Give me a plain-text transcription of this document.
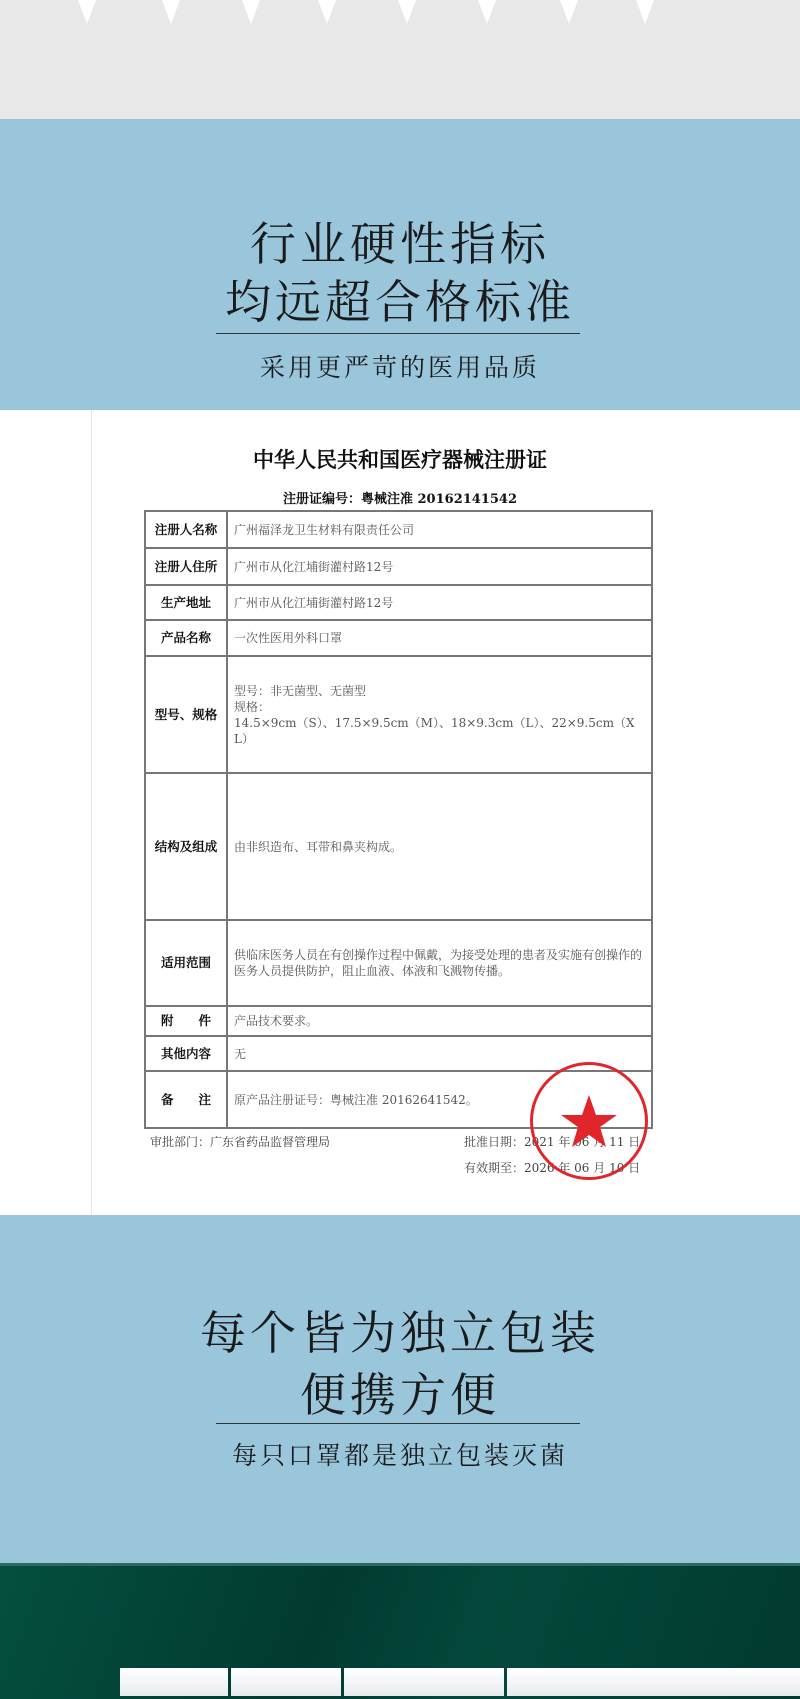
行业硬性指标
均远超合格标准
采用更严苛的医用品质
中华人民共和国医疗器械注册证
注册证编号：粤械注准 20162141542
注册人名称	广州福泽龙卫生材料有限责任公司
注册人住所	广州市从化江埔街灌村路12号
生产地址	广州市从化江埔街灌村路12号
产品名称	一次性医用外科口罩
型号、规格	型号：非无菌型、无菌型
规格：
14.5×9cm（S）、17.5×9.5cm（M）、18×9.3cm（L）、22×9.5cm（XL）
结构及组成	由非织造布、耳带和鼻夹构成。
适用范围	供临床医务人员在有创操作过程中佩戴，为接受处理的患者及实施有创操作的医务人员提供防护，阻止血液、体液和飞溅物传播。
附　　件	产品技术要求。
其他内容	无
备　　注	原产品注册证号：粤械注准 20162641542。
审批部门：广东省药品监督管理局	批准日期：2021 年 06 月 11 日
有效期至：2026 年 06 月 10 日
每个皆为独立包装
便携方便
每只口罩都是独立包装灭菌
